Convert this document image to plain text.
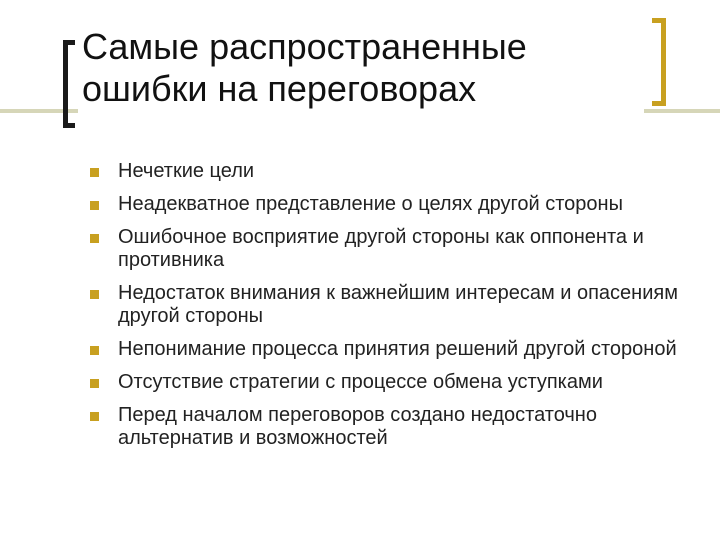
Самые распространенные ошибки на переговорах
Нечеткие цели
Неадекватное представление о целях другой стороны
Ошибочное восприятие другой стороны как оппонента и противника
Недостаток внимания к важнейшим интересам и опасениям другой стороны
Непонимание процесса принятия решений другой стороной
Отсутствие стратегии с процессе обмена уступками
Перед началом переговоров создано недостаточно альтернатив и возможностей
